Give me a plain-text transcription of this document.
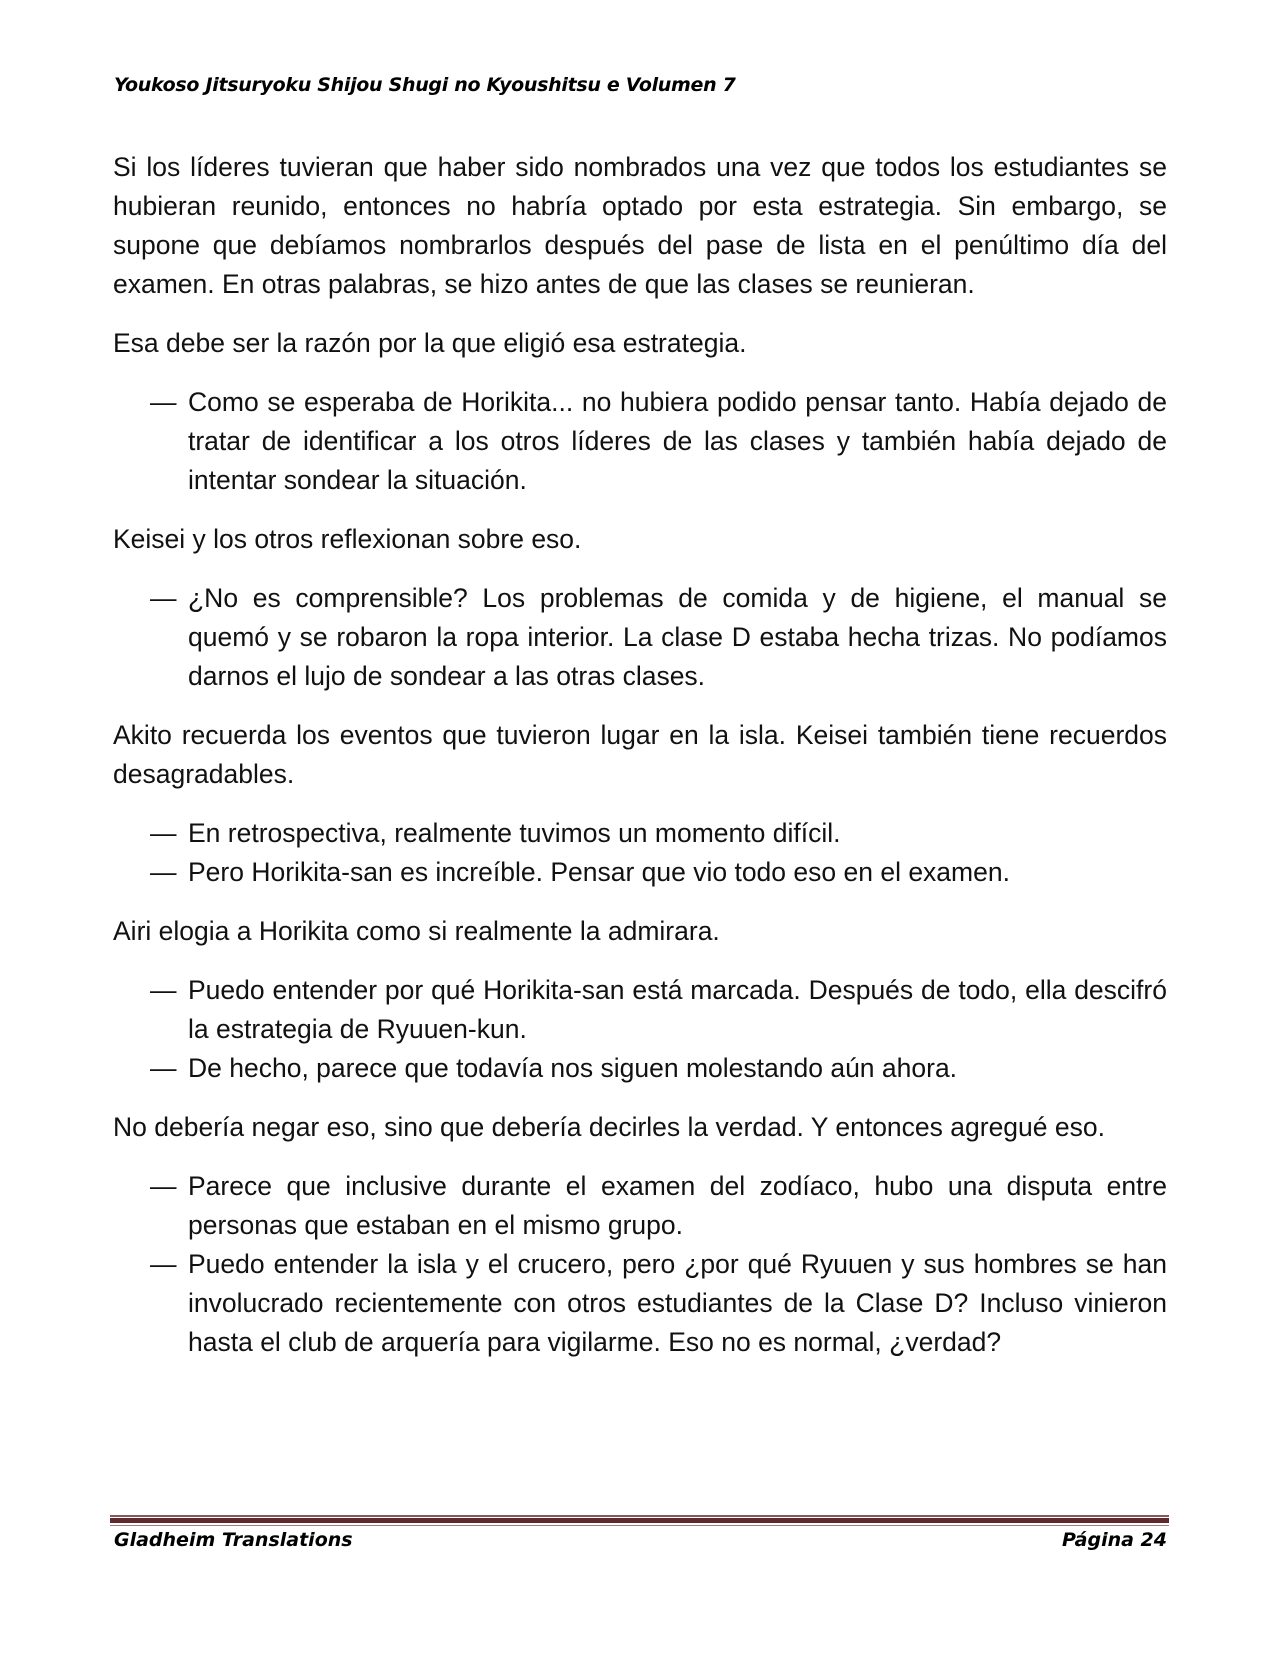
Youkoso Jitsuryoku Shijou Shugi no Kyoushitsu e Volumen 7
Si los líderes tuvieran que haber sido nombrados una vez que todos los estudiantes se hubieran reunido, entonces no habría optado por esta estrategia. Sin embargo, se supone que debíamos nombrarlos después del pase de lista en el penúltimo día del examen. En otras palabras, se hizo antes de que las clases se reunieran.
Esa debe ser la razón por la que eligió esa estrategia.
— Como se esperaba de Horikita... no hubiera podido pensar tanto. Había dejado de tratar de identificar a los otros líderes de las clases y también había dejado de intentar sondear la situación.
Keisei y los otros reflexionan sobre eso.
— ¿No es comprensible? Los problemas de comida y de higiene, el manual se quemó y se robaron la ropa interior. La clase D estaba hecha trizas. No podíamos darnos el lujo de sondear a las otras clases.
Akito recuerda los eventos que tuvieron lugar en la isla. Keisei también tiene recuerdos desagradables.
— En retrospectiva, realmente tuvimos un momento difícil.
— Pero Horikita-san es increíble. Pensar que vio todo eso en el examen.
Airi elogia a Horikita como si realmente la admirara.
— Puedo entender por qué Horikita-san está marcada. Después de todo, ella descifró la estrategia de Ryuuen-kun.
— De hecho, parece que todavía nos siguen molestando aún ahora.
No debería negar eso, sino que debería decirles la verdad. Y entonces agregué eso.
— Parece que inclusive durante el examen del zodíaco, hubo una disputa entre personas que estaban en el mismo grupo.
— Puedo entender la isla y el crucero, pero ¿por qué Ryuuen y sus hombres se han involucrado recientemente con otros estudiantes de la Clase D? Incluso vinieron hasta el club de arquería para vigilarme. Eso no es normal, ¿verdad?
Gladheim Translations	Página 24
